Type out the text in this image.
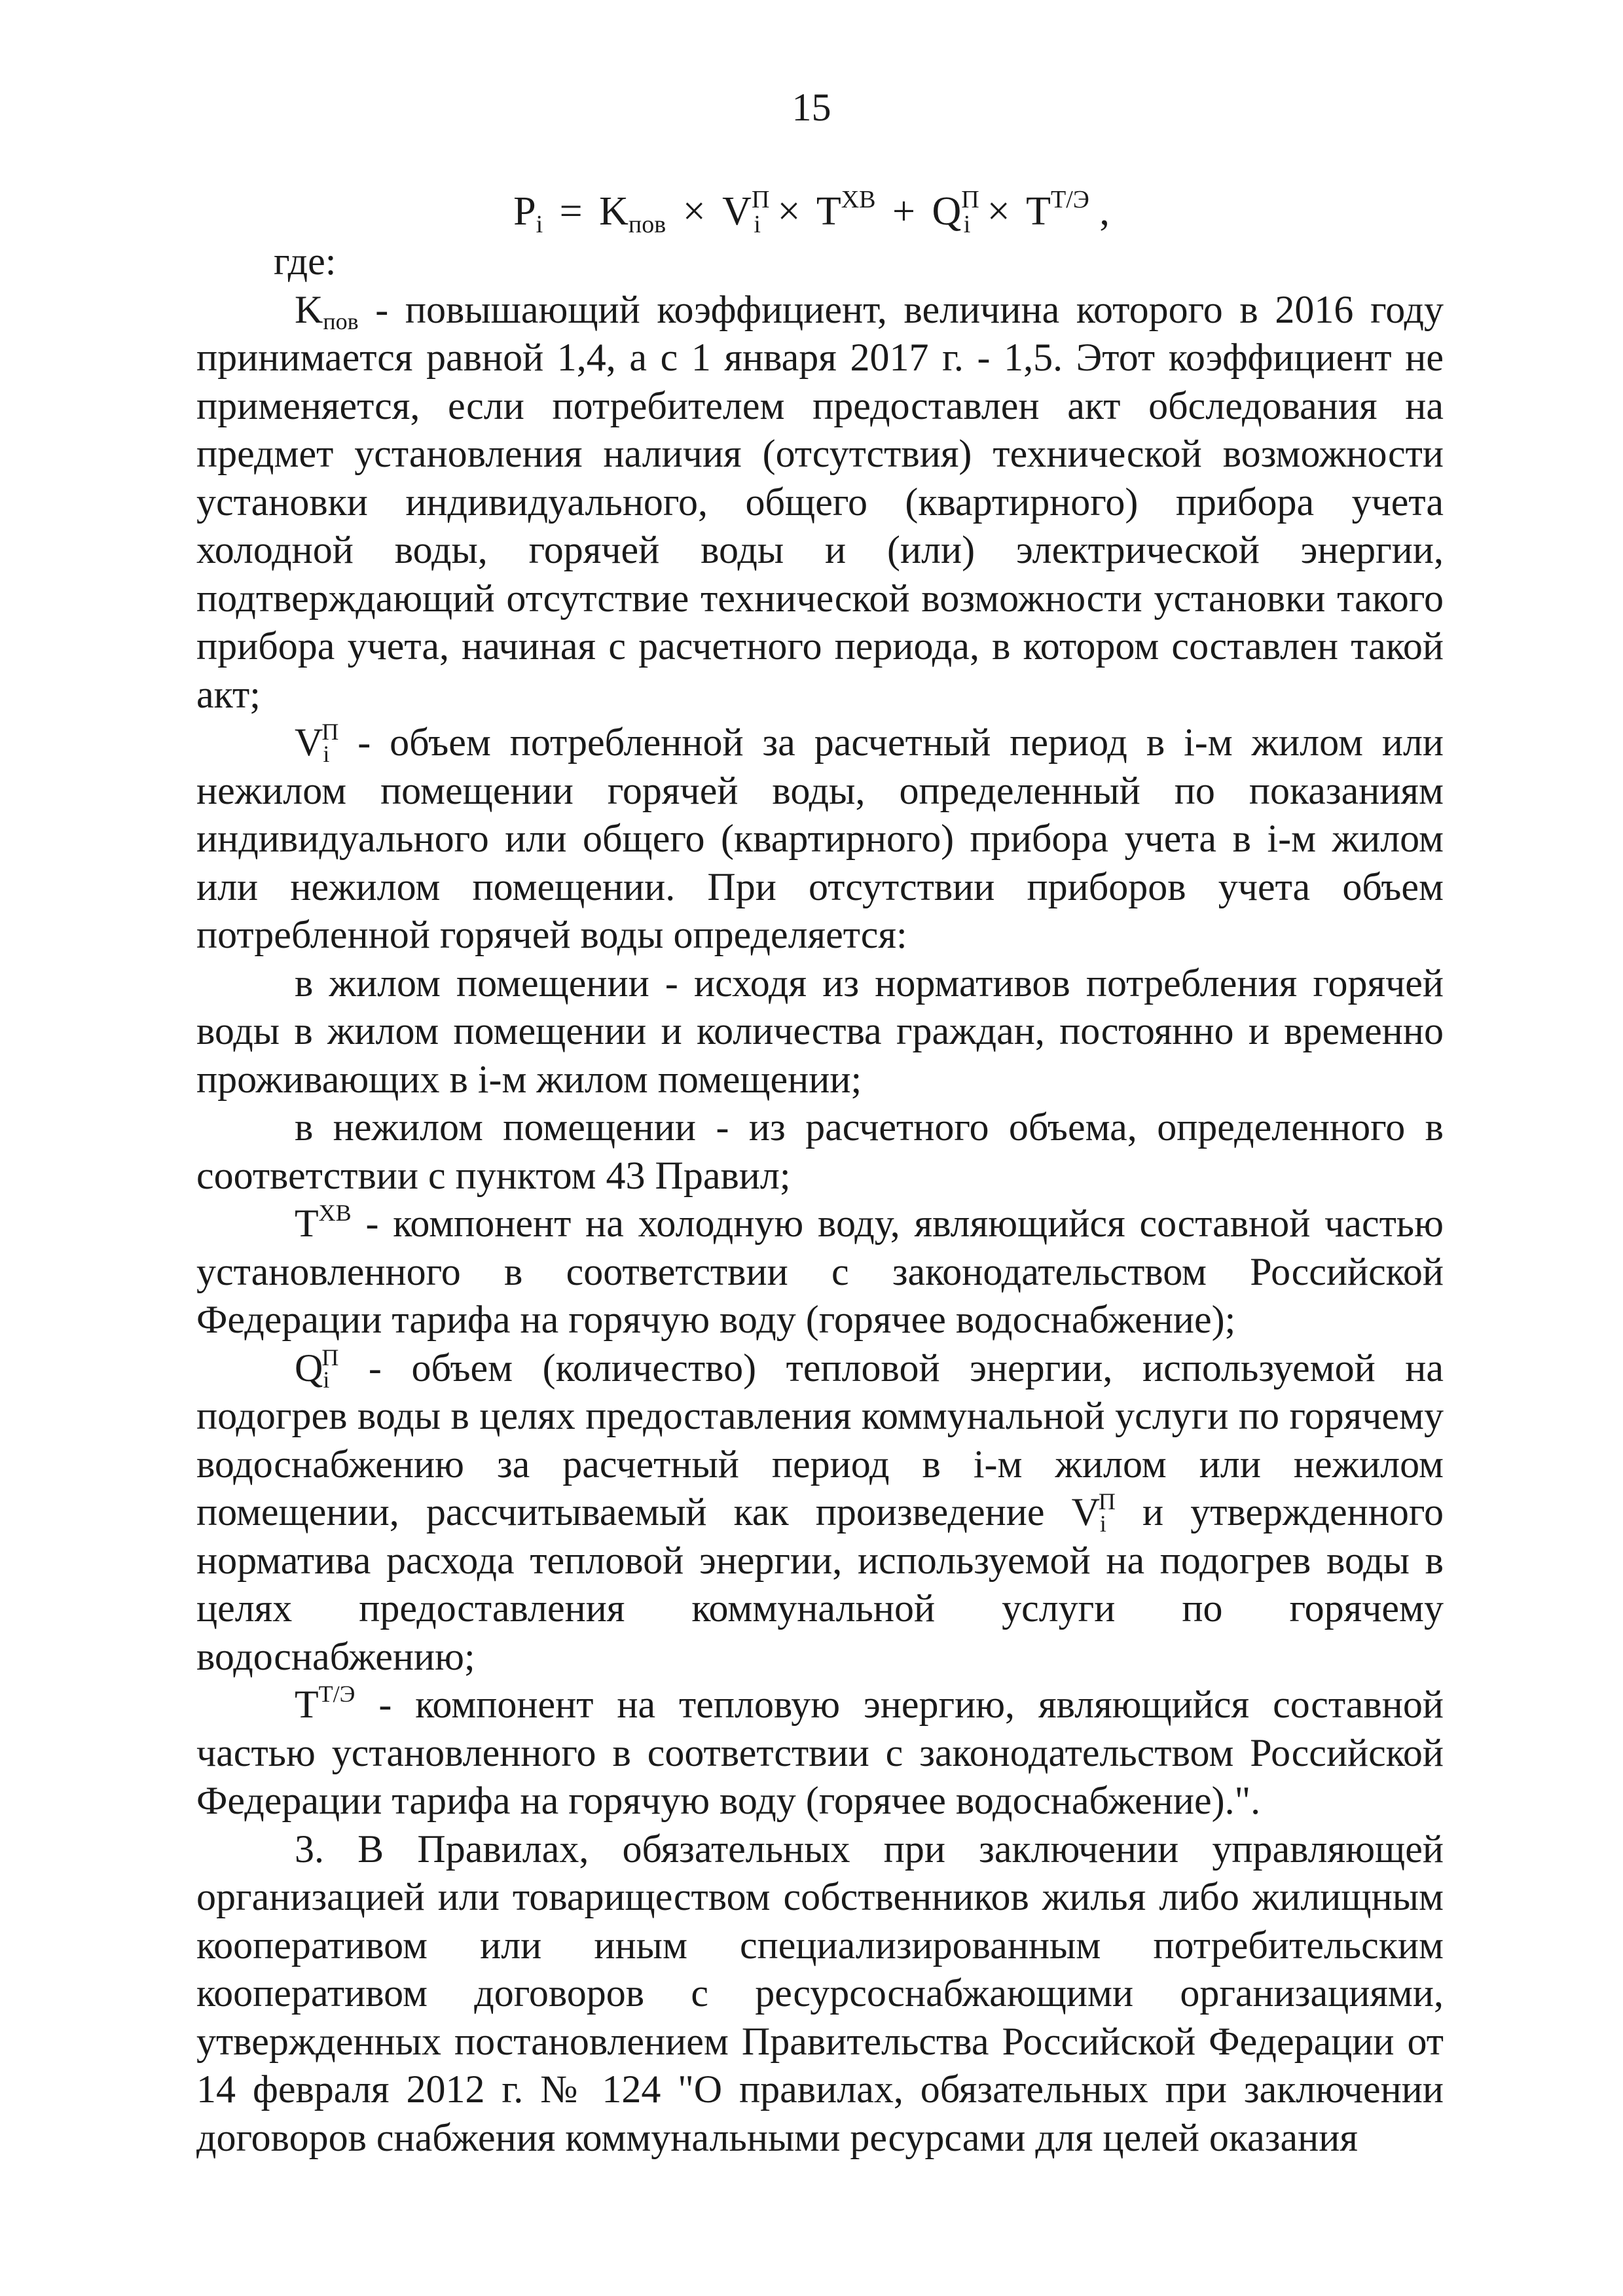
15
$P_i = K_{пов} \times V^П_i \times T^{ХВ} + Q^П_i \times T^{Т/Э}$ ,

где:

$K_{пов}$ - повышающий коэффициент, величина которого в 2016 году принимается равной 1,4, а с 1 января 2017 г. - 1,5. Этот коэффициент не применяется, если потребителем предоставлен акт обследования на предмет установления наличия (отсутствия) технической возможности установки индивидуального, общего (квартирного) прибора учета холодной воды, горячей воды и (или) электрической энергии, подтверждающий отсутствие технической возможности установки такого прибора учета, начиная с расчетного периода, в котором составлен такой акт;

$V_i^П$ - объем потребленной за расчетный период в i-м жилом или нежилом помещении горячей воды, определенный по показаниям индивидуального или общего (квартирного) прибора учета в i-м жилом или нежилом помещении. При отсутствии приборов учета объем потребленной горячей воды определяется:

в жилом помещении - исходя из нормативов потребления горячей воды в жилом помещении и количества граждан, постоянно и временно проживающих в i-м жилом помещении;

в нежилом помещении - из расчетного объема, определенного в соответствии с пунктом 43 Правил;

$T^{ХВ}$ - компонент на холодную воду, являющийся составной частью установленного в соответствии с законодательством Российской Федерации тарифа на горячую воду (горячее водоснабжение);

$Q_i^П$ - объем (количество) тепловой энергии, используемой на подогрев воды в целях предоставления коммунальной услуги по горячему водоснабжению за расчетный период в i-м жилом или нежилом помещении, рассчитываемый как произведение $V_i^П$ и утвержденного норматива расхода тепловой энергии, используемой на подогрев воды в целях предоставления коммунальной услуги по горячему водоснабжению;

$T^{Т/Э}$ - компонент на тепловую энергию, являющийся составной частью установленного в соответствии с законодательством Российской Федерации тарифа на горячую воду (горячее водоснабжение).".

3. В Правилах, обязательных при заключении управляющей организацией или товариществом собственников жилья либо жилищным кооперативом или иным специализированным потребительским кооперативом договоров с ресурсоснабжающими организациями, утвержденных постановлением Правительства Российской Федерации от 14 февраля 2012 г. № 124 "О правилах, обязательных при заключении договоров снабжения коммунальными ресурсами для целей оказания
